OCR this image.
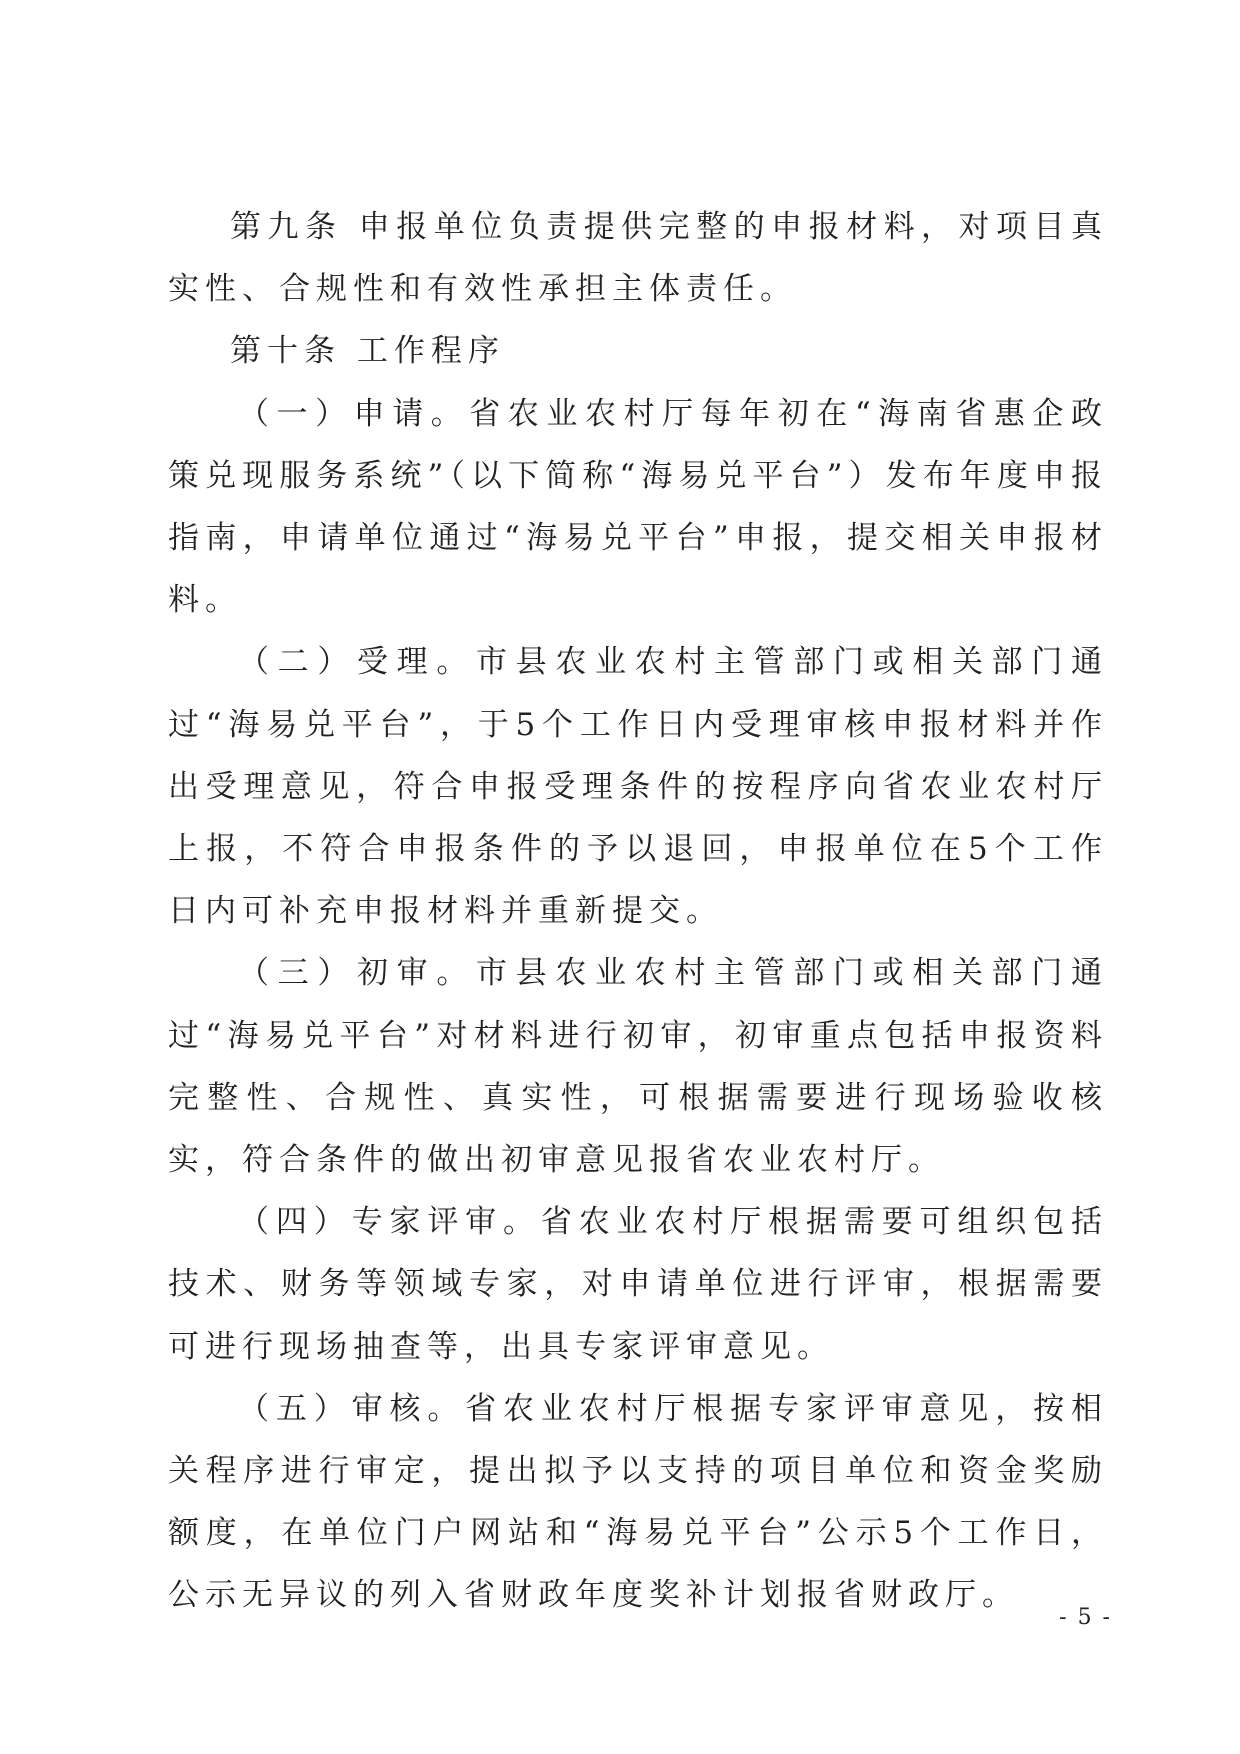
第九条 申报单位负责提供完整的申报材料，对项目真实性、合规性和有效性承担主体责任。

第十条 工作程序

（一）申请。省农业农村厅每年初在“海南省惠企政策兑现服务系统”（以下简称“海易兑平台”）发布年度申报指南，申请单位通过“海易兑平台”申报，提交相关申报材料。

（二）受理。市县农业农村主管部门或相关部门通过“海易兑平台”，于5个工作日内受理审核申报材料并作出受理意见，符合申报受理条件的按程序向省农业农村厅上报，不符合申报条件的予以退回，申报单位在5个工作日内可补充申报材料并重新提交。

（三）初审。市县农业农村主管部门或相关部门通过“海易兑平台”对材料进行初审，初审重点包括申报资料完整性、合规性、真实性，可根据需要进行现场验收核实，符合条件的做出初审意见报省农业农村厅。

（四）专家评审。省农业农村厅根据需要可组织包括技术、财务等领域专家，对申请单位进行评审，根据需要可进行现场抽查等，出具专家评审意见。

（五）审核。省农业农村厅根据专家评审意见，按相关程序进行审定，提出拟予以支持的项目单位和资金奖励额度，在单位门户网站和“海易兑平台”公示5个工作日，公示无异议的列入省财政年度奖补计划报省财政厅。

- 5 -
